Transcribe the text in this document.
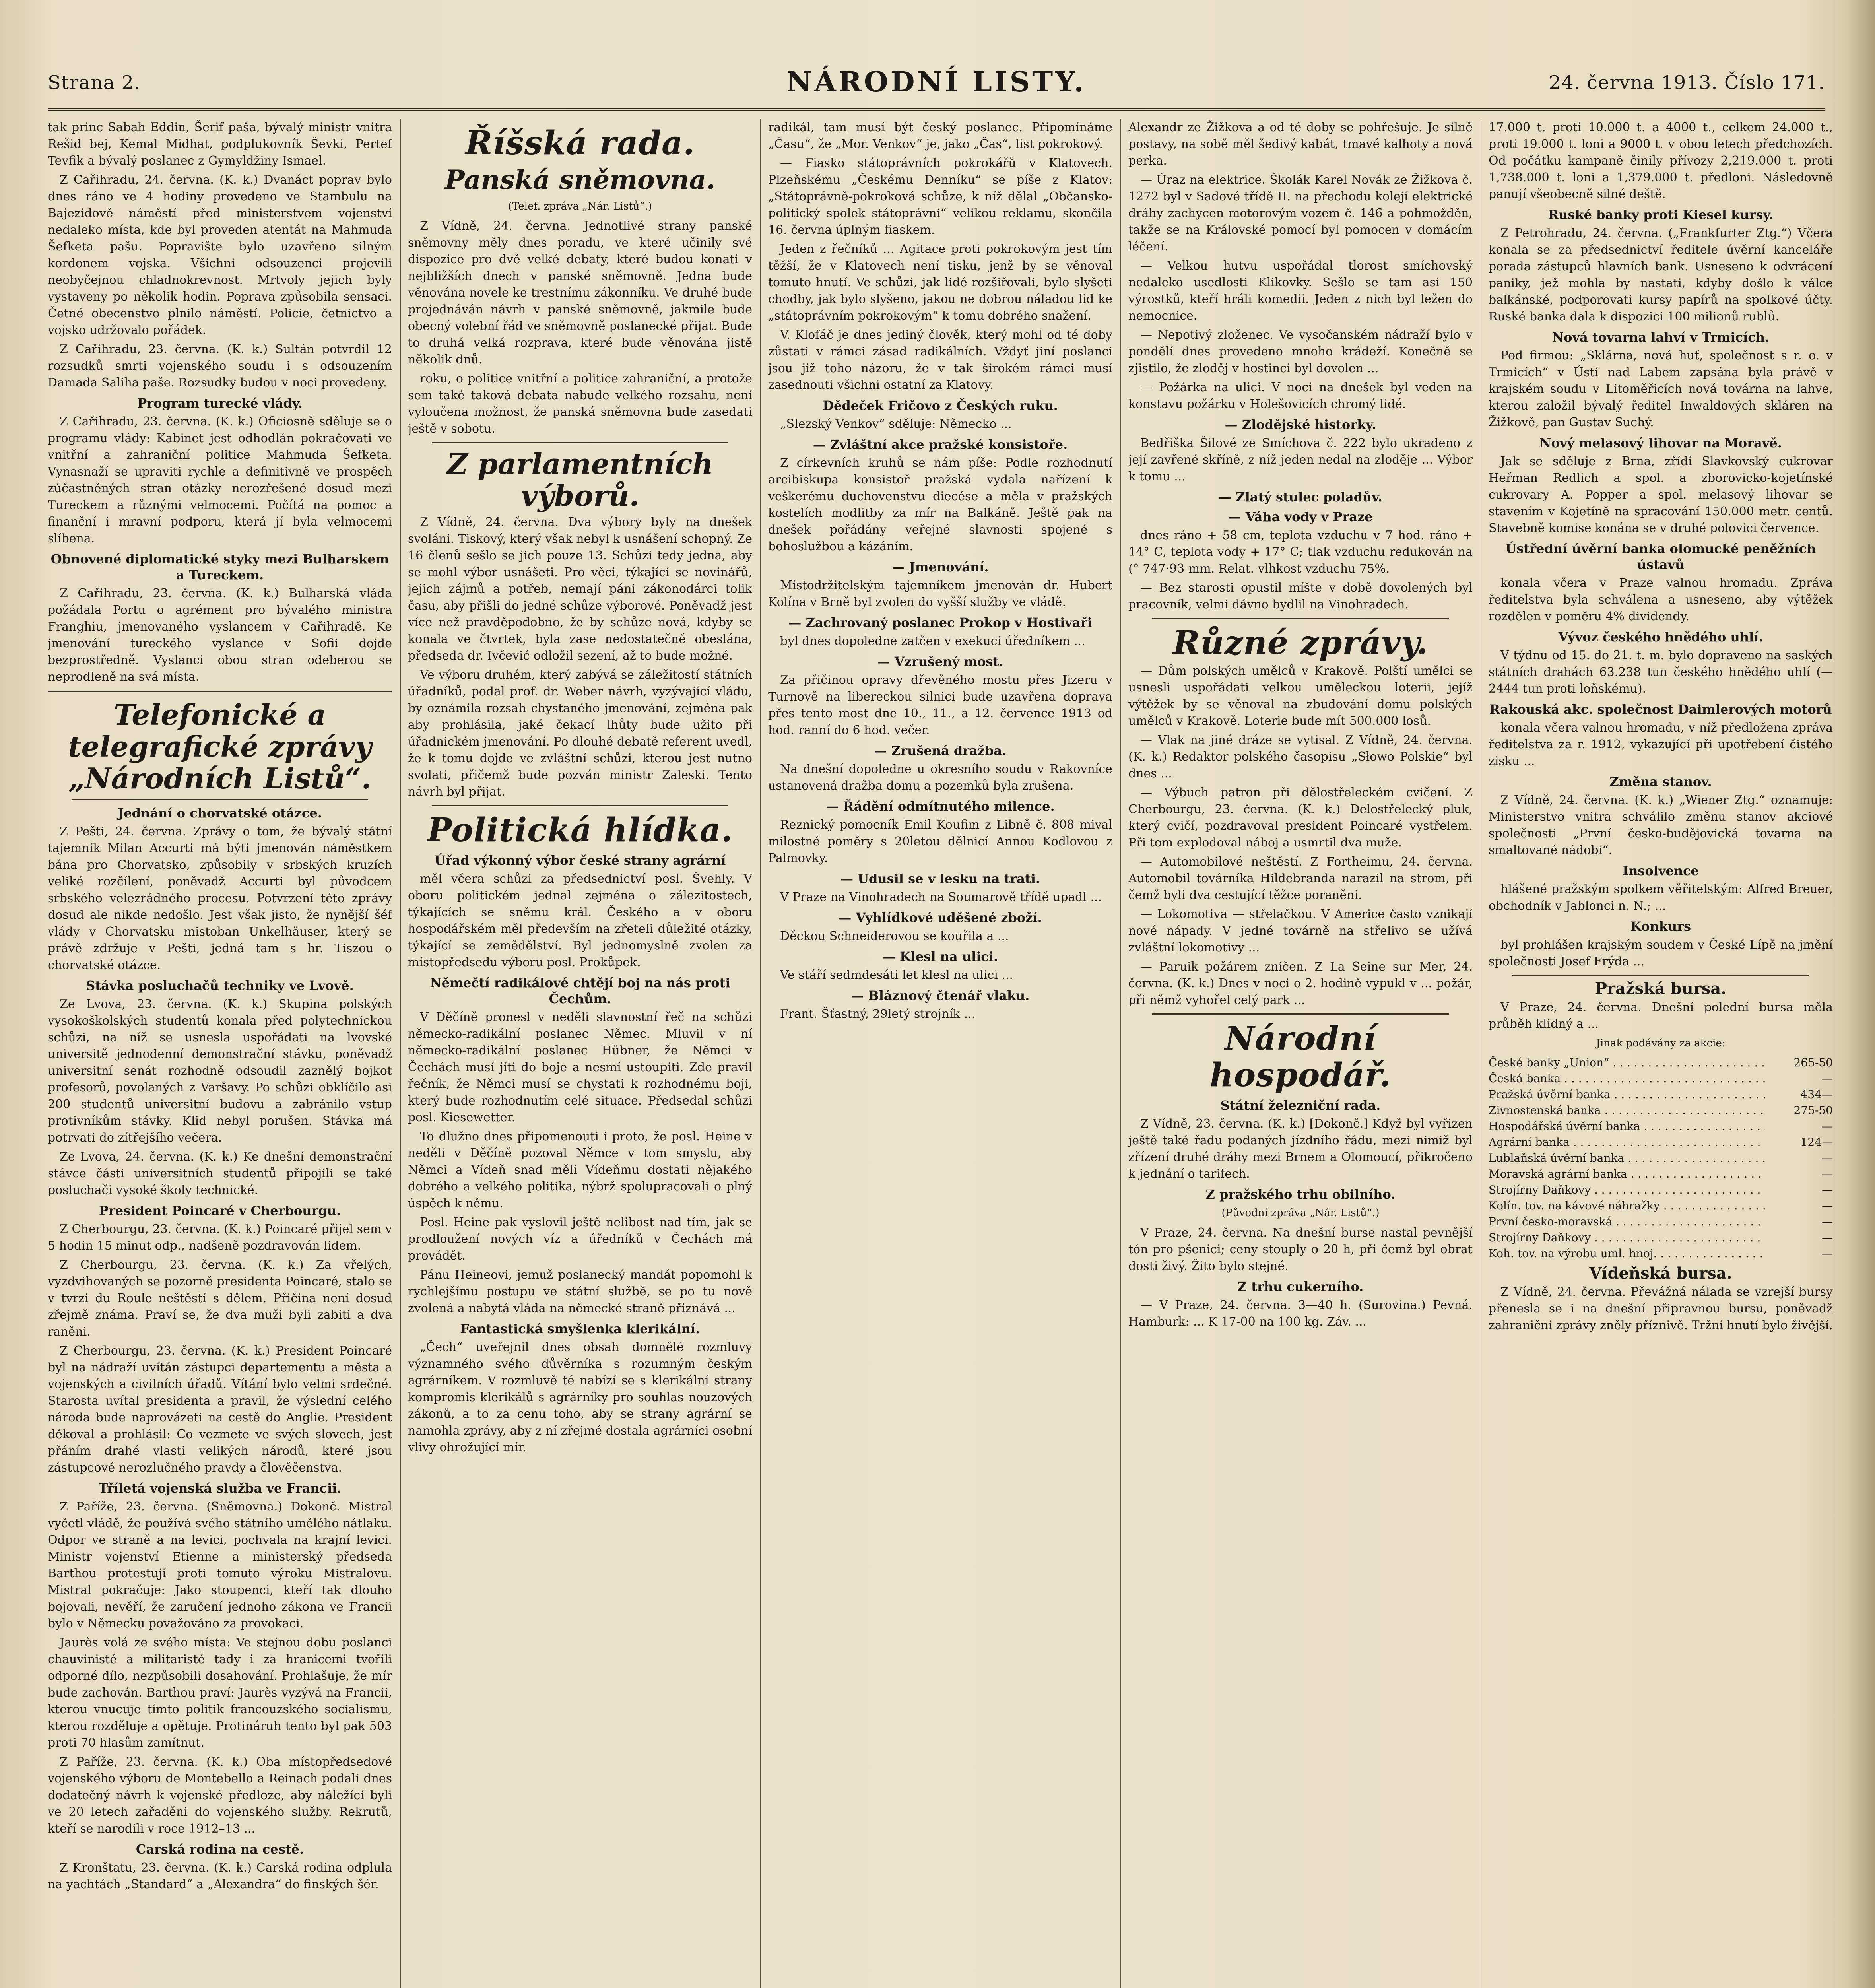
Strana 2.	NÁRODNÍ LISTY.	24. června 1913. Číslo 171.

tak princ Sabah Eddin, Šerif paša, bývalý ministr vnitra Rešid bej, Kemal Midhat, podplukovník Ševki, Pertef Tevfik a bývalý poslanec z Gymyldžiny Ismael.

Z Cařihradu, 24. června. (K. k.) Dvanáct poprav bylo dnes ráno ve 4 hodiny provedeno ve Stambulu na Bajezidově náměstí před ministerstvem vojenství nedaleko místa, kde byl proveden atentát na Mahmuda Šefketa pašu. Popravište bylo uzavřeno silným kordonem vojska. Všichni odsouzenci projevili neobyčejnou chladnokrevnost. Mrtvoly jejich byly vystaveny po několik hodin. Poprava způsobila sensaci. Četné obecenstvo plnilo náměstí. Policie, četnictvo a vojsko udržovalo pořádek.

Z Cařihradu, 23. června. (K. k.) Sultán potvrdil 12 rozsudků smrti vojenského soudu i s odsouzením Damada Saliha paše. Rozsudky budou v noci provedeny.

Program turecké vlády.

Z Cařihradu, 23. června. (K. k.) Oficiosně sděluje se o programu vlády: Kabinet jest odhodlán pokračovati ve vnitřní a zahraniční politice Mahmuda Šefketa. Vynasnaží se upraviti rychle a definitivně ve prospěch zúčastněných stran otázky nerozřešené dosud mezi Tureckem a různými velmocemi. Počítá na pomoc a finanční i mravní podporu, která jí byla velmocemi slíbena.

Obnovené diplomatické styky mezi Bulharskem a Tureckem.

Z Cařihradu, 23. června. (K. k.) Bulharská vláda požádala Portu o agrément pro bývalého ministra Franghiu, jmenovaného vyslancem v Cařihradě. Ke jmenování tureckého vyslance v Sofii dojde bezprostředně. Vyslanci obou stran odeberou se neprodleně na svá místa.

Telefonické a telegrafické zprávy „Národních Listů“.
Jednání o chorvatské otázce.

Z Pešti, 24. června. Zprávy o tom, že bývalý státní tajemník Milan Accurti má býti jmenován náměstkem bána pro Chorvatsko, způsobily v srbských kruzích veliké rozčílení, poněvadž Accurti byl původcem srbského velezrádného procesu. Potvrzení této zprávy dosud ale nikde nedošlo. Jest však jisto, že nynější šéf vlády v Chorvatsku mistoban Unkelhäuser, který se právě zdržuje v Pešti, jedná tam s hr. Tiszou o chorvatské otázce.

Stávka posluchačů techniky ve Lvově.

Ze Lvova, 23. června. (K. k.) Skupina polských vysokoškolských studentů konala před polytechnickou schůzi, na níž se usnesla uspořádati na lvovské universitě jednodenní demonstrační stávku, poněvadž universitní senát rozhodně odsoudil zaznělý bojkot profesorů, povolaných z Varšavy. Po schůzi obklíčilo asi 200 studentů universitní budovu a zabránilo vstup protivníkům stávky. Klid nebyl porušen. Stávka má potrvati do zítřejšího večera.

Ze Lvova, 24. června. (K. k.) Ke dnešní demonstrační stávce části universitních studentů připojili se také posluchači vysoké školy technické.

President Poincaré v Cherbourgu.

Z Cherbourgu, 23. června. (K. k.) Poincaré přijel sem v 5 hodin 15 minut odp., nadšeně pozdravován lidem.

Z Cherbourgu, 23. června. (K. k.) Za vřelých, vyzdvihovaných se pozorně presidenta Poincaré, stalo se v tvrzi du Roule neštěstí s dělem. Přičina není dosud zřejmě známa. Praví se, že dva muži byli zabiti a dva raněni.

Z Cherbourgu, 23. června. (K. k.) President Poincaré byl na nádraží uvítán zástupci departementu a města a vojenských a civilních úřadů. Vítání bylo velmi srdečné. Starosta uvítal presidenta a pravil, že výslední celého národa bude naprovázeti na cestě do Anglie. President děkoval a prohlásil: Co vezmete ve svých slovech, jest přáním drahé vlasti velikých národů, které jsou zástupcové nerozlučného pravdy a člověčenstva.

Tříletá vojenská služba ve Francii.

Z Paříže, 23. června. (Sněmovna.) Dokonč. Mistral vyčetl vládě, že používá svého státního umělého nátlaku. Odpor ve straně a na levici, pochvala na krajní levici. Ministr vojenství Etienne a ministerský předseda Barthou protestují proti tomuto výroku Mistralovu. Mistral pokračuje: Jako stoupenci, kteří tak dlouho bojovali, nevěří, že zaručení jednoho zákona ve Francii bylo v Německu považováno za provokaci.

Jaurès volá ze svého místa: Ve stejnou dobu poslanci chauvinisté a militaristé tady i za hranicemi tvořili odporné dílo, nezpůsobili dosahování. Prohlašuje, že mír bude zachován. Barthou praví: Jaurès vyzývá na Francii, kterou vnucuje tímto politik francouzského socialismu, kterou rozděluje a opětuje. Protináruh tento byl pak 503 proti 70 hlasům zamítnut.

Z Paříže, 23. června. (K. k.) Oba místopředsedové vojenského výboru de Montebello a Reinach podali dnes dodatečný návrh k vojenské předloze, aby náležící byli ve 20 letech zařaděni do vojenského služby. Rekrutů, kteří se narodili v roce 1912–13 ...

Carská rodina na cestě.

Z Kronštatu, 23. června. (K. k.) Carská rodina odplula na yachtách „Standard“ a „Alexandra“ do finských šér.

Říšská rada.
Panská sněmovna.
(Telef. zpráva „Nár. Listů“.)

Z Vídně, 24. června. Jednotlivé strany panské sněmovny měly dnes poradu, ve které učinily své dispozice pro dvě velké debaty, které budou konati v nejbližších dnech v panské sněmovně. Jedna bude věnována novele ke trestnímu zákonníku. Ve druhé bude projednáván návrh v panské sněmovně, jakmile bude obecný volební řád ve sněmovně poslanecké přijat. Bude to druhá velká rozprava, které bude věnována jistě několik dnů.

roku, o politice vnitřní a politice zahraniční, a protože sem také taková debata nabude velkého rozsahu, není vyloučena možnost, že panská sněmovna bude zasedati ještě v sobotu.

Z parlamentních výborů.

Z Vídně, 24. června. Dva výbory byly na dnešek svoláni. Tiskový, který však nebyl k usnášení schopný. Ze 16 členů sešlo se jich pouze 13. Schůzi tedy jedna, aby se mohl výbor usnášeti. Pro věci, týkající se novinářů, jejich zájmů a potřeb, nemají páni zákonodárci tolik času, aby přišli do jedné schůze výborové. Poněvadž jest více než pravděpodobno, že by schůze nová, kdyby se konala ve čtvrtek, byla zase nedostatečně obeslána, předseda dr. Ivčević odložil sezení, až to bude možné.

Ve výboru druhém, který zabývá se záležitostí státních úřadníků, podal prof. dr. Weber návrh, vyzývající vládu, by oznámila rozsah chystaného jmenování, zejména pak aby prohlásila, jaké čekací lhůty bude užito při úřadnickém jmenování. Po dlouhé debatě referent uvedl, že k tomu dojde ve zvláštní schůzi, kterou jest nutno svolati, přičemž bude pozván ministr Zaleski. Tento návrh byl přijat.

Politická hlídka.
Úřad výkonný výbor české strany agrární

měl včera schůzi za předsednictví posl. Švehly. V oboru politickém jednal zejména o zálezitostech, týkajících se sněmu král. Českého a v oboru hospodářském měl především na zřeteli důležité otázky, týkající se zemědělství. Byl jednomyslně zvolen za místopředsedu výboru posl. Prokůpek.

Němečtí radikálové chtějí boj na nás proti Čechům.

V Děčíně pronesl v neděli slavnostní řeč na schůzi německo-radikální poslanec Němec. Mluvil v ní německo-radikální poslanec Hübner, že Němci v Čechách musí jíti do boje a nesmí ustoupiti. Zde pravil řečník, že Němci musí se chystati k rozhodnému boji, který bude rozhodnutím celé situace. Předsedal schůzi posl. Kiesewetter.

To dlužno dnes připomenouti i proto, že posl. Heine v neděli v Děčíně pozoval Němce v tom smyslu, aby Němci a Vídeň snad měli Vídeňmu dostati nějakého dobrého a velkého politika, nýbrž spolupracovali o plný úspěch k němu.

Posl. Heine pak vyslovil ještě nelibost nad tím, jak se prodloužení nových víz a úředníků v Čechách má provádět.

Pánu Heineovi, jemuž poslanecký mandát popomohl k rychlejšímu postupu ve státní službě, se po tu nově zvolená a nabytá vláda na německé straně přiznává ...

Fantastická smyšlenka klerikální.

„Čech“ uveřejnil dnes obsah domnělé rozmluvy významného svého důvěrníka s rozumným českým agrárníkem. V rozmluvě té nabízí se s klerikální strany kompromis klerikálů s agrárníky pro souhlas nouzových zákonů, a to za cenu toho, aby se strany agrární se namohla zprávy, aby z ní zřejmé dostala agrárníci osobní vlivy ohrožující mír.

radikál, tam musí být český poslanec. Připomínáme „Času“, že „Mor. Venkov“ je, jako „Čas“, list pokrokový.

— Fiasko státoprávních pokrokářů v Klatovech. Plzeňskému „Českému Denníku“ se píše z Klatov: „Státoprávně-pokroková schůze, k níž dělal „Občansko-politický spolek státoprávní“ velikou reklamu, skončila 16. června úplným fiaskem.

Jeden z řečníků ... Agitace proti pokrokovým jest tím těžší, že v Klatovech není tisku, jenž by se věnoval tomuto hnutí. Ve schůzi, jak lidé rozšiřovali, bylo slyšeti chodby, jak bylo slyšeno, jakou ne dobrou náladou lid ke „státoprávním pokrokovým“ k tomu dobrého snažení.

V. Klofáč je dnes jediný člověk, který mohl od té doby zůstati v rámci zásad radikálních. Vždyť jiní poslanci jsou již toho názoru, že v tak širokém rámci musí zasednouti všichni ostatní za Klatovy.

Dědeček Fričovo z Českých ruku.

„Slezský Venkov“ sděluje: Německo ...

— Zvláštní akce pražské konsistoře.

Z církevních kruhů se nám píše: Podle rozhodnutí arcibiskupa konsistoř pražská vydala nařízení k veškerému duchovenstvu diecése a měla v pražských kostelích modlitby za mír na Balkáně. Ještě pak na dnešek pořádány veřejné slavnosti spojené s bohoslužbou a kázáním.

— Jmenování.

Místodržitelským tajemníkem jmenován dr. Hubert Kolína v Brně byl zvolen do vyšší služby ve vládě.

— Zachrovaný poslanec Prokop v Hostivaři

byl dnes dopoledne zatčen v exekuci úředníkem ...

— Vzrušený most.

Za přičinou opravy dřevěného mostu přes Jizeru v Turnově na libereckou silnici bude uzavřena doprava přes tento most dne 10., 11., a 12. července 1913 od hod. ranní do 6 hod. večer.

— Zrušená dražba.

Na dnešní dopoledne u okresního soudu v Rakovníce ustanovená dražba domu a pozemků byla zrušena.

— Řádění odmítnutého milence.

Reznický pomocník Emil Koufim z Libně č. 808 mival milostné poměry s 20letou dělnicí Annou Kodlovou z Palmovky.

— Udusil se v lesku na trati.

V Praze na Vinohradech na Soumarově třídě upadl ...

— Vyhlídkové uděšené zboží.

Děckou Schneiderovou se kouřila a ...

— Klesl na ulici.

Ve stáří sedmdesáti let klesl na ulici ...

— Bláznový čtenář vlaku.

Frant. Šťastný, 29letý strojník ...

Alexandr ze Žižkova a od té doby se pohřešuje. Je silně postavy, na sobě měl šedivý kabát, tmavé kalhoty a nová perka.

— Úraz na elektrice. Školák Karel Novák ze Žižkova č. 1272 byl v Sadové třídě II. na přechodu kolejí elektrické dráhy zachycen motorovým vozem č. 146 a pohmožděn, takže se na Královské pomocí byl pomocen v domácím léčení.

— Velkou hutvu uspořádal tlorost smíchovský nedaleko usedlosti Klikovky. Sešlo se tam asi 150 výrostků, kteří hráli komedii. Jeden z nich byl ležen do nemocnice.

— Nepotivý zloženec. Ve vysočanském nádraží bylo v pondělí dnes provedeno mnoho krádeží. Konečně se zjistilo, že zloděj v hostinci byl dovolen ...

— Požárka na ulici. V noci na dnešek byl veden na konstavu požárku v Holešovicích chromý lidé.

— Zlodějské historky.

Bedřiška Šilové ze Smíchova č. 222 bylo ukradeno z její zavřené skříně, z níž jeden nedal na zloděje ... Výbor k tomu ...

— Zlatý stulec poladův.
— Váha vody v Praze

dnes ráno + 58 cm, teplota vzduchu v 7 hod. ráno + 14° C, teplota vody + 17° C; tlak vzduchu redukován na (° 747·93 mm. Relat. vlhkost vzduchu 75%.

— Bez starosti opustil míšte v době dovolených byl pracovník, velmi dávno bydlil na Vinohradech.

Různé zprávy.

— Dům polských umělců v Krakově. Polští umělci se usnesli uspořádati velkou uměleckou loterii, jejíž výtěžek by se věnoval na zbudování domu polských umělců v Krakově. Loterie bude mít 500.000 losů.

— Vlak na jiné dráze se vytisal. Z Vídně, 24. června. (K. k.) Redaktor polského časopisu „Słowo Polskie“ byl dnes ...

— Výbuch patron při dělostřeleckém cvičení. Z Cherbourgu, 23. června. (K. k.) Delostřelecký pluk, který cvičí, pozdravoval president Poincaré vystřelem. Při tom explodoval náboj a usmrtil dva muže.

— Automobilové neštěstí. Z Fortheimu, 24. června. Automobil továrníka Hildebranda narazil na strom, při čemž byli dva cestující těžce poraněni.

— Lokomotiva — střelačkou. V Americe často vznikají nové nápady. V jedné továrně na střelivo se užívá zvláštní lokomotivy ...

— Paruik požárem zničen. Z La Seine sur Mer, 24. června. (K. k.) Dnes v noci o 2. hodině vypukl v ... požár, při němž vyhořel celý park ...

Národní hospodář.
Státní železniční rada.

Z Vídně, 23. června. (K. k.) [Dokonč.] Když byl vyřizen ještě také řadu podaných jízdního řádu, mezi nimiž byl zřízení druhé dráhy mezi Brnem a Olomoucí, přikročeno k jednání o tarifech.

Z pražského trhu obilního.
(Původní zpráva „Nár. Listů“.)

V Praze, 24. června. Na dnešní burse nastal pevnější tón pro pšenici; ceny stouply o 20 h, při čemž byl obrat dosti živý. Žito bylo stejné.

Z trhu cukerního.

— V Praze, 24. června. 3—40 h. (Surovina.) Pevná. Hamburk: ... K 17-00 na 100 kg. Záv. ...

17.000 t. proti 10.000 t. a 4000 t., celkem 24.000 t., proti 19.000 t. loni a 9000 t. v obou letech předchozích. Od počátku kampaně činily přívozy 2,219.000 t. proti 1,738.000 t. loni a 1,379.000 t. předloni. Následovně panují všeobecně silné deště.

Ruské banky proti Kiesel kursy.

Z Petrohradu, 24. června. („Frankfurter Ztg.“) Včera konala se za předsednictví ředitele úvěrní kanceláře porada zástupců hlavních bank. Usneseno k odvrácení paniky, jež mohla by nastati, kdyby došlo k válce balkánské, podporovati kursy papírů na spolkové účty. Ruské banka dala k dispozici 100 milionů rublů.

Nová tovarna lahví v Trmicích.

Pod firmou: „Sklárna, nová huť, společnost s r. o. v Trmicích“ v Ústí nad Labem zapsána byla právě v krajském soudu v Litoměřicích nová továrna na lahve, kterou založil bývalý ředitel Inwaldových skláren na Žižkově, pan Gustav Suchý.

Nový melasový lihovar na Moravě.

Jak se sděluje z Brna, zřídí Slavkovský cukrovar Heřman Redlich a spol. a zborovicko-kojetínské cukrovary A. Popper a spol. melasový lihovar se stavením v Kojetíně na spracování 150.000 metr. centů. Stavebně komise konána se v druhé polovici července.

Ústřední úvěrní banka olomucké peněžních ústavů

konala včera v Praze valnou hromadu. Zpráva ředitelstva byla schválena a usneseno, aby výtěžek rozdělen v poměru 4% dividendy.

Vývoz českého hnědého uhlí.

V týdnu od 15. do 21. t. m. bylo dopraveno na saských státních drahách 63.238 tun českého hnědého uhlí (— 2444 tun proti loňskému).

Rakouská akc. společnost Daimlerových motorů

konala včera valnou hromadu, v níž předložena zpráva ředitelstva za r. 1912, vykazující při upotřebení čistého zisku ...

Změna stanov.

Z Vídně, 24. června. (K. k.) „Wiener Ztg.“ oznamuje: Ministerstvo vnitra schválilo změnu stanov akciové společnosti „První česko-budějovická tovarna na smaltované nádobí“.

Insolvence

hlášené pražským spolkem věřitelským: Alfred Breuer, obchodník v Jablonci n. N.; ...

Konkurs

byl prohlášen krajským soudem v České Lípě na jmění společnosti Josef Frýda ...

Pražská bursa.

V Praze, 24. června. Dnešní polední bursa měla průběh klidný a ...

Jinak podávány za akcie:
České banky „Union“ . . .	265-50
Česká banka . . .	—
Pražská úvěrní banka . . .	434—
Zivnostenská banka . . .	275-50
Hospodářská úvěrní banka . . .	—
Agrární banka . . .	124—
Lublaňská úvěrní banka . . .	—
Moravská agrární banka . . .	—
Strojírny Daňkovy . . .	—
Kolín. tov. na kávové náhražky . . .	—
První česko-moravská . . .	—
Strojírny Daňkovy . . .	—
Koh. tov. na výrobu uml. hnoj. . . .	—
Vídeňská bursa.

Z Vídně, 24. června. Převážná nálada se vzrejší bursy přenesla se i na dnešní připravnou bursu, poněvadž zahraniční zprávy zněly příznivě. Tržní hnutí bylo živější.
